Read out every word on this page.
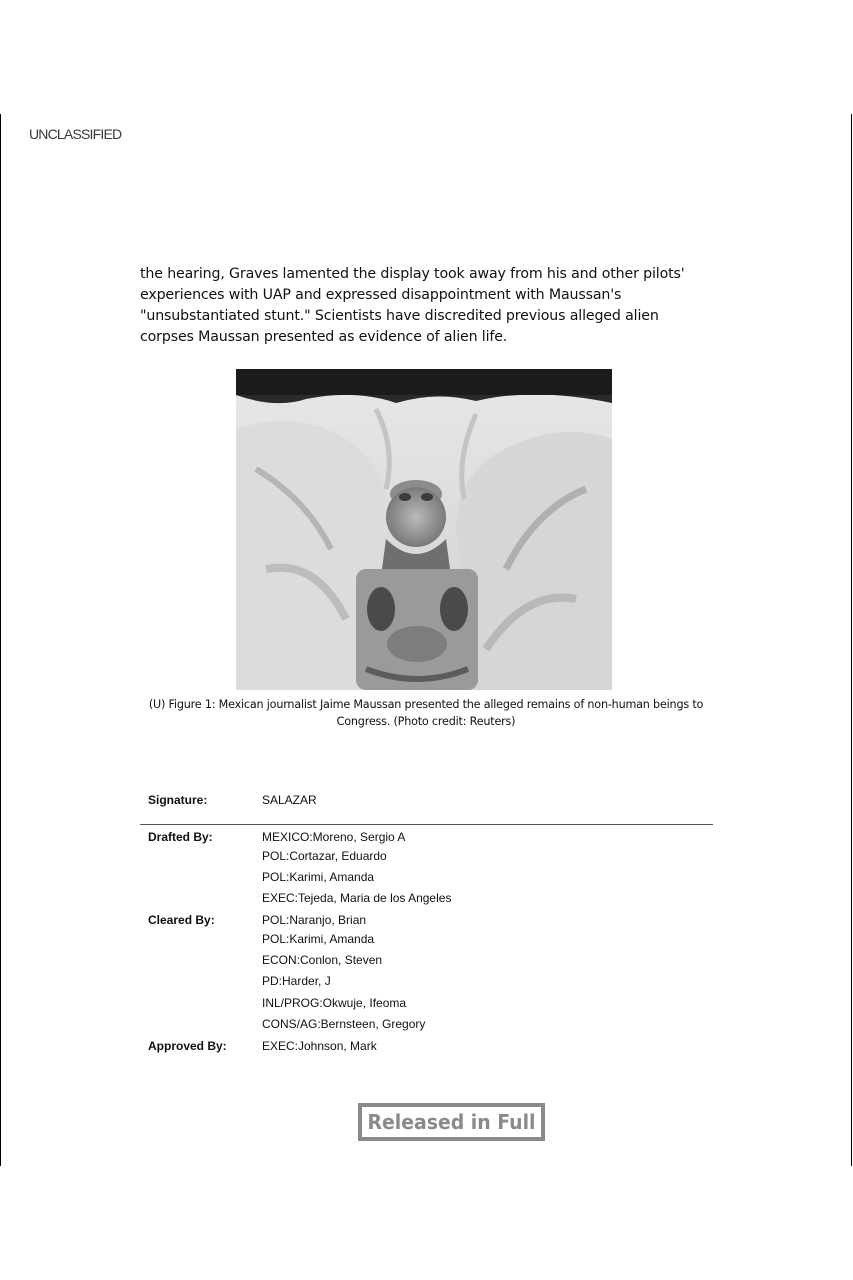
UNCLASSIFIED

the hearing, Graves lamented the display took away from his and other pilots'
experiences with UAP and expressed disappointment with Maussan's
"unsubstantiated stunt." Scientists have discredited previous alleged alien
corpses Maussan presented as evidence of alien life.

(U) Figure 1: Mexican journalist Jaime Maussan presented the alleged remains of non-human beings to
Congress. (Photo credit: Reuters)
Signature:	SALAZAR
Drafted By:	MEXICO:Moreno, Sergio A
POL:Cortazar, Eduardo
POL:Karimi, Amanda
EXEC:Tejeda, Maria de los Angeles
Cleared By:	POL:Naranjo, Brian
POL:Karimi, Amanda
ECON:Conlon, Steven
PD:Harder, J
INL/PROG:Okwuje, Ifeoma
CONS/AG:Bernsteen, Gregory
Approved By:	EXEC:Johnson, Mark
Released in Full
